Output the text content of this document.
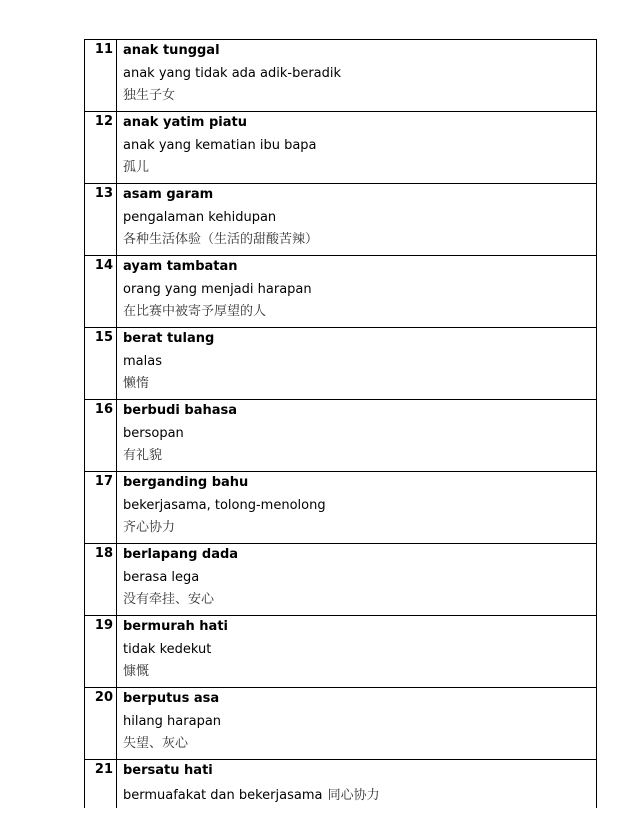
11	anak tunggal
anak yang tidak ada adik-beradik
独生子女

12	anak yatim piatu
anak yang kematian ibu bapa
孤儿

13	asam garam
pengalaman kehidupan
各种生活体验（生活的甜酸苦辣）

14	ayam tambatan
orang yang menjadi harapan
在比赛中被寄予厚望的人

15	berat tulang
malas
懒惰

16	berbudi bahasa
bersopan
有礼貌

17	berganding bahu
bekerjasama, tolong-menolong
齐心协力

18	berlapang dada
berasa lega
没有牵挂、安心

19	bermurah hati
tidak kedekut
慷慨

20	berputus asa
hilang harapan
失望、灰心

21	bersatu hati
bermuafakat dan bekerjasama 同心协力
